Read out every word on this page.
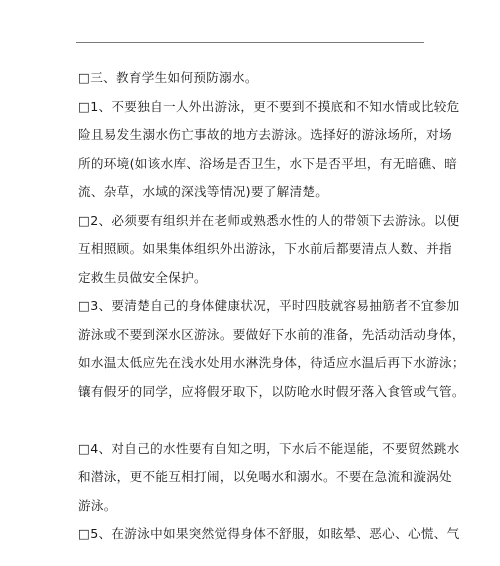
□三、教育学生如何预防溺水。
□1、不要独自一人外出游泳，更不要到不摸底和不知水情或比较危
险且易发生溺水伤亡事故的地方去游泳。选择好的游泳场所，对场
所的环境(如该水库、浴场是否卫生，水下是否平坦，有无暗礁、暗
流、杂草，水域的深浅等情况)要了解清楚。
□2、必须要有组织并在老师或熟悉水性的人的带领下去游泳。以便
互相照顾。如果集体组织外出游泳，下水前后都要清点人数、并指
定救生员做安全保护。
□3、要清楚自己的身体健康状况，平时四肢就容易抽筋者不宜参加
游泳或不要到深水区游泳。要做好下水前的准备，先活动活动身体，
如水温太低应先在浅水处用水淋洗身体，待适应水温后再下水游泳；
镶有假牙的同学，应将假牙取下，以防呛水时假牙落入食管或气管。
□4、对自己的水性要有自知之明，下水后不能逞能，不要贸然跳水
和潜泳，更不能互相打闹，以免喝水和溺水。不要在急流和漩涡处
游泳。
□5、在游泳中如果突然觉得身体不舒服，如眩晕、恶心、心慌、气
